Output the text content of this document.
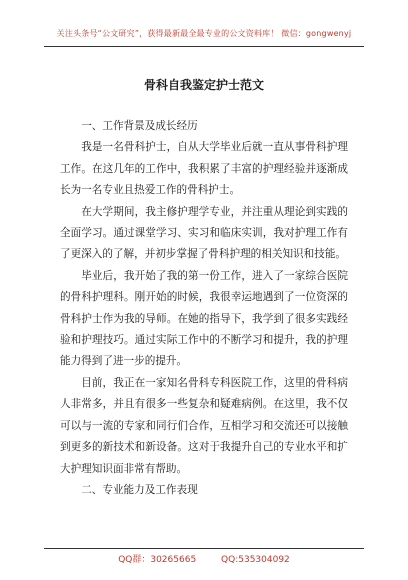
关注头条号“公文研究”，获得最新最全最专业的公文资料库！ 微信：gongwenyj
骨科自我鉴定护士范文

一、工作背景及成长经历

我是一名骨科护士，自从大学毕业后就一直从事骨科护理工作。在这几年的工作中，我积累了丰富的护理经验并逐渐成长为一名专业且热爱工作的骨科护士。

在大学期间，我主修护理学专业，并注重从理论到实践的全面学习。通过课堂学习、实习和临床实训，我对护理工作有了更深入的了解，并初步掌握了骨科护理的相关知识和技能。

毕业后，我开始了我的第一份工作，进入了一家综合医院的骨科护理科。刚开始的时候，我很幸运地遇到了一位资深的骨科护士作为我的导师。在她的指导下，我学到了很多实践经验和护理技巧。通过实际工作中的不断学习和提升，我的护理能力得到了进一步的提升。

目前，我正在一家知名骨科专科医院工作，这里的骨科病人非常多，并且有很多一些复杂和疑难病例。在这里，我不仅可以与一流的专家和同行们合作，互相学习和交流还可以接触到更多的新技术和新设备。这对于我提升自己的专业水平和扩大护理知识面非常有帮助。

二、专业能力及工作表现

QQ群：30265665	QQ:535304092
